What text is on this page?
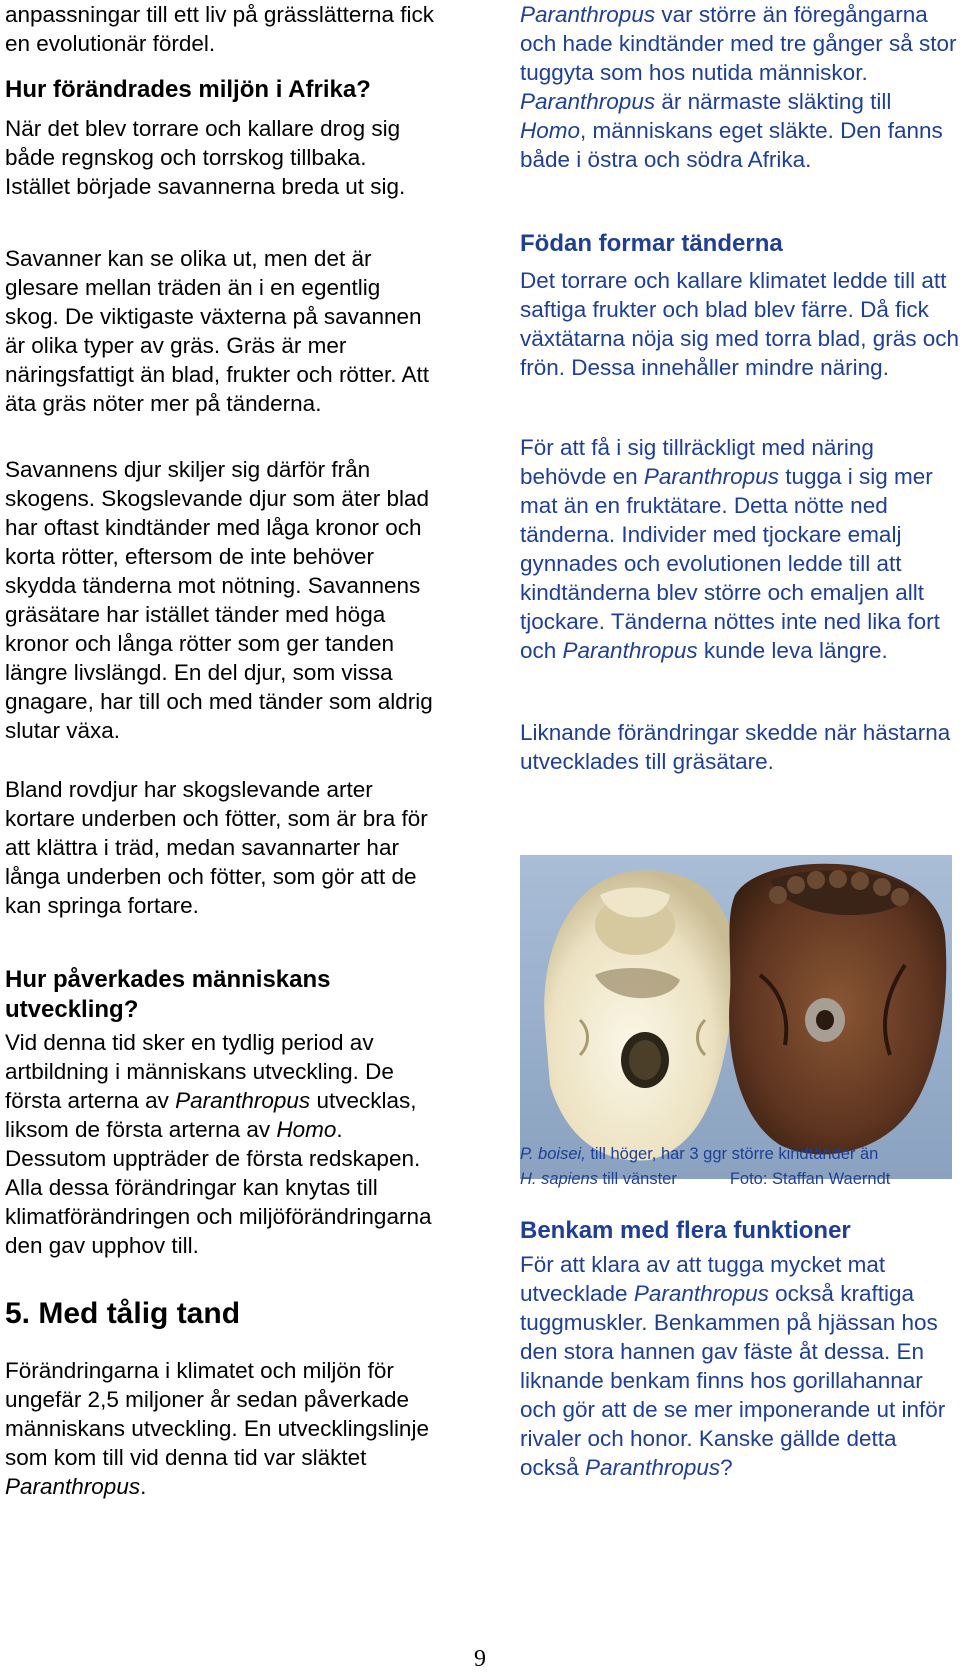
anpassningar till ett liv på grässlätterna fick en evolutionär fördel.

Hur förändrades miljön i Afrika?

När det blev torrare och kallare drog sig både regnskog och torrskog tillbaka. Istället började savannerna breda ut sig.

Savanner kan se olika ut, men det är glesare mellan träden än i en egentlig skog. De viktigaste växterna på savannen är olika typer av gräs. Gräs är mer näringsfattigt än blad, frukter och rötter. Att äta gräs nöter mer på tänderna.

Savannens djur skiljer sig därför från skogens. Skogslevande djur som äter blad har oftast kindtänder med låga kronor och korta rötter, eftersom de inte behöver skydda tänderna mot nötning. Savannens gräsätare har istället tänder med höga kronor och långa rötter som ger tanden längre livslängd. En del djur, som vissa gnagare, har till och med tänder som aldrig slutar växa.

Bland rovdjur har skogslevande arter kortare underben och fötter, som är bra för att klättra i träd, medan savannarter har långa underben och fötter, som gör att de kan springa fortare.

Hur påverkades människans utveckling?

Vid denna tid sker en tydlig period av artbildning i människans utveckling. De första arterna av Paranthropus utvecklas, liksom de första arterna av Homo. Dessutom uppträder de första redskapen. Alla dessa förändringar kan knytas till klimatförändringen och miljöförändringarna den gav upphov till.

5. Med tålig tand

Förändringarna i klimatet och miljön för ungefär 2,5 miljoner år sedan påverkade människans utveckling. En utvecklingslinje som kom till vid denna tid var släktet Paranthropus.

Paranthropus var större än föregångarna och hade kindtänder med tre gånger så stor tuggyta som hos nutida människor. Paranthropus är närmaste släkting till Homo, människans eget släkte. Den fanns både i östra och södra Afrika.

Födan formar tänderna

Det torrare och kallare klimatet ledde till att saftiga frukter och blad blev färre. Då fick växtätarna nöja sig med torra blad, gräs och frön. Dessa innehåller mindre näring.

För att få i sig tillräckligt med näring behövde en Paranthropus tugga i sig mer mat än en fruktätare. Detta nötte ned tänderna. Individer med tjockare emalj gynnades och evolutionen ledde till att kindtänderna blev större och emaljen allt tjockare. Tänderna nöttes inte ned lika fort och Paranthropus kunde leva längre.

Liknande förändringar skedde när hästarna utvecklades till gräsätare.

P. boisei, till höger, har 3 ggr större kindtänder än
H. sapiens till vänster	Foto: Staffan Waerndt

Benkam med flera funktioner

För att klara av att tugga mycket mat utvecklade Paranthropus också kraftiga tuggmuskler. Benkammen på hjässan hos den stora hannen gav fäste åt dessa. En liknande benkam finns hos gorillahannar och gör att de se mer imponerande ut inför rivaler och honor. Kanske gällde detta också Paranthropus?

9
